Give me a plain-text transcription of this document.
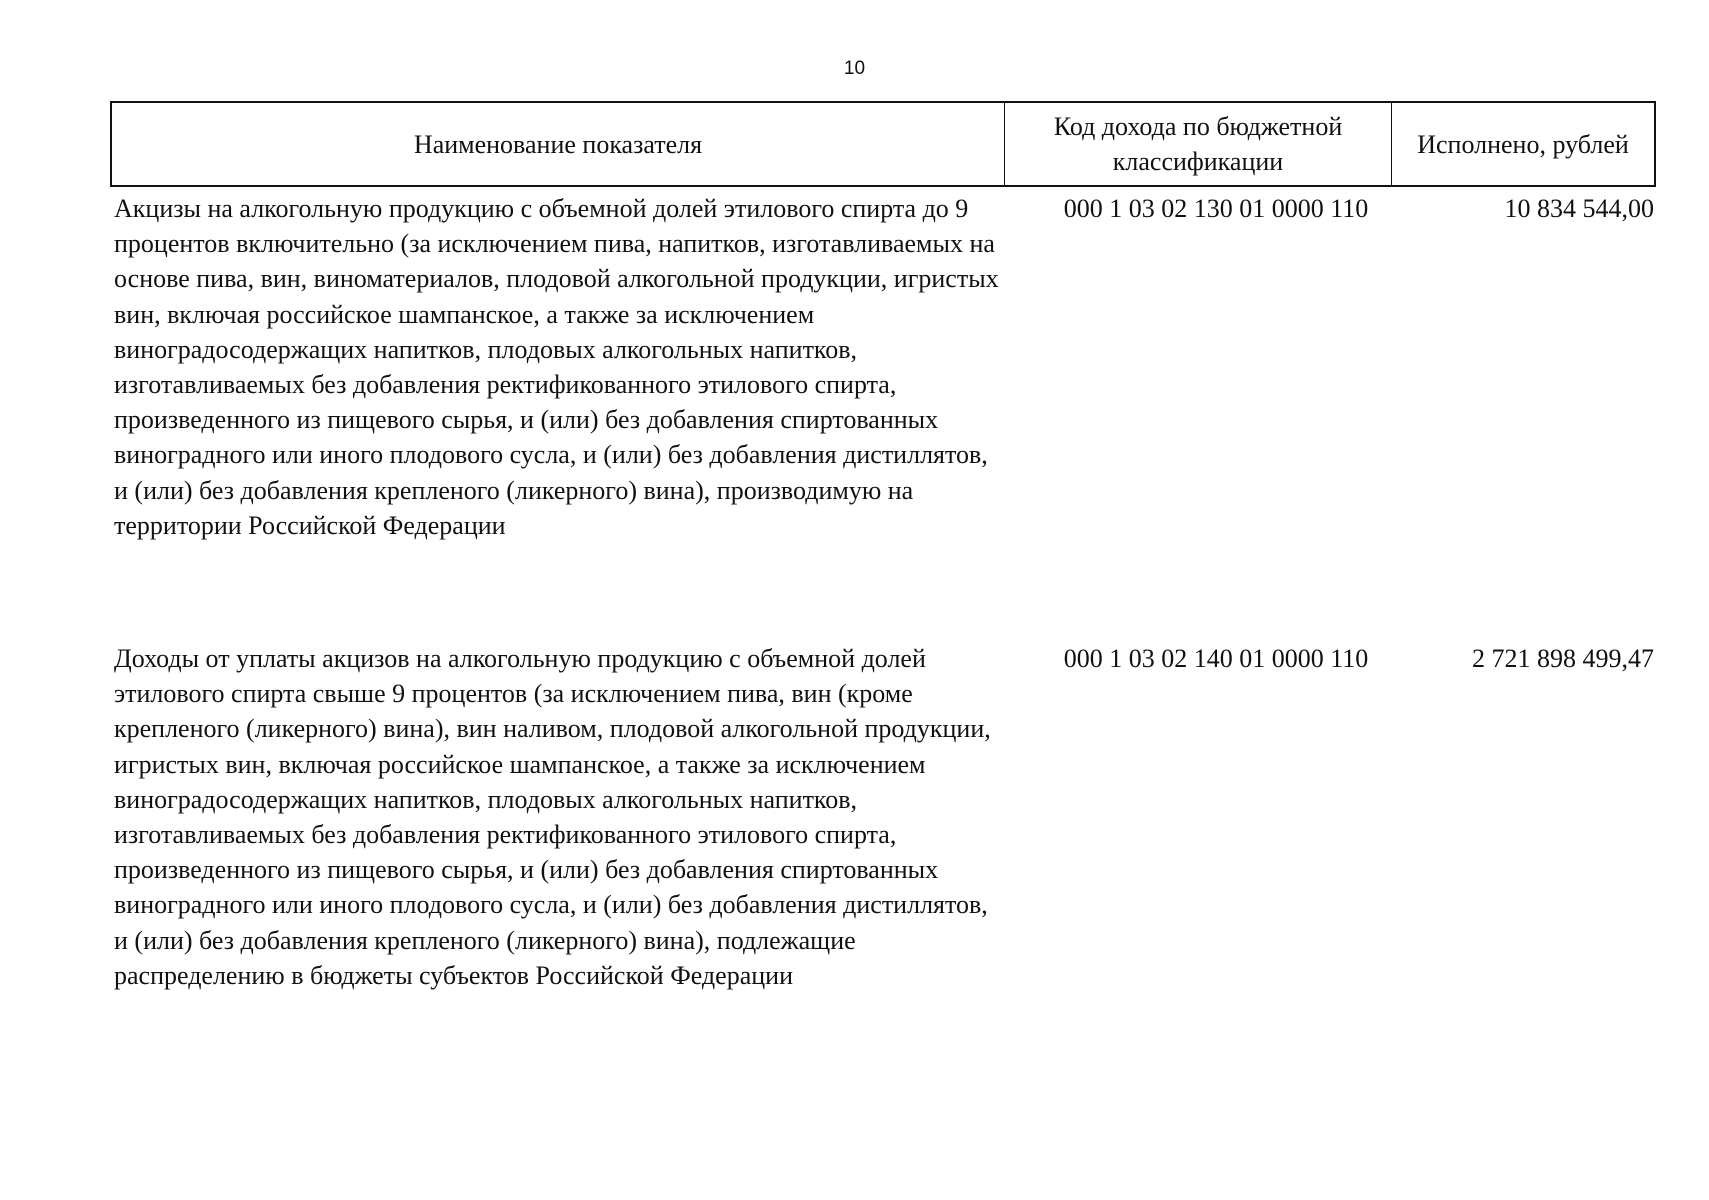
10
Наименование показателя
Код дохода по бюджетной классификации
Исполнено, рублей
Акцизы на алкогольную продукцию с объемной долей этилового спирта до 9 процентов включительно (за исключением пива, напитков, изготавливаемых на основе пива, вин, виноматериалов, плодовой алкогольной продукции, игристых вин, включая российское шампанское, а также за исключением виноградосодержащих напитков, плодовых алкогольных напитков, изготавливаемых без добавления ректификованного этилового спирта, произведенного из пищевого сырья, и (или) без добавления спиртованных виноградного или иного плодового сусла, и (или) без добавления дистиллятов, и (или) без добавления крепленого (ликерного) вина), производимую на территории Российской Федерации
000 1 03 02 130 01 0000 110	10 834 544,00
Доходы от уплаты акцизов на алкогольную продукцию с объемной долей этилового спирта свыше 9 процентов (за исключением пива, вин (кроме крепленого (ликерного) вина), вин наливом, плодовой алкогольной продукции, игристых вин, включая российское шампанское, а также за исключением виноградосодержащих напитков, плодовых алкогольных напитков, изготавливаемых без добавления ректификованного этилового спирта, произведенного из пищевого сырья, и (или) без добавления спиртованных виноградного или иного плодового сусла, и (или) без добавления дистиллятов, и (или) без добавления крепленого (ликерного) вина), подлежащие распределению в бюджеты субъектов Российской Федерации
000 1 03 02 140 01 0000 110	2 721 898 499,47
